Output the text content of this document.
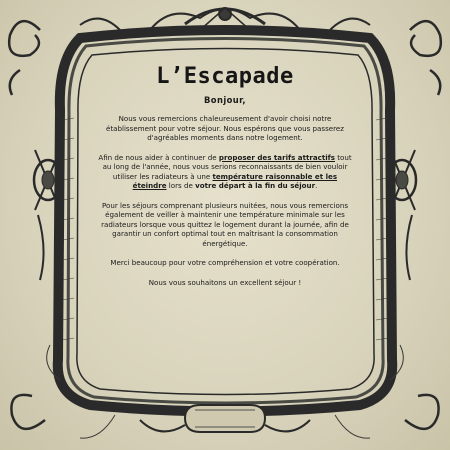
L’Escapade
Bonjour,

Nous vous remercions chaleureusement d'avoir choisi notre établissement pour votre séjour. Nous espérons que vous passerez d'agréables moments dans notre logement.

Afin de nous aider à continuer de proposer des tarifs attractifs tout au long de l'année, nous vous serions reconnaissants de bien vouloir utiliser les radiateurs à une température raisonnable et les éteindre lors de votre départ à la fin du séjour.

Pour les séjours comprenant plusieurs nuitées, nous vous remercions également de veiller à maintenir une température minimale sur les radiateurs lorsque vous quittez le logement durant la journée, afin de garantir un confort optimal tout en maîtrisant la consommation énergétique.

Merci beaucoup pour votre compréhension et votre coopération.

Nous vous souhaitons un excellent séjour !
